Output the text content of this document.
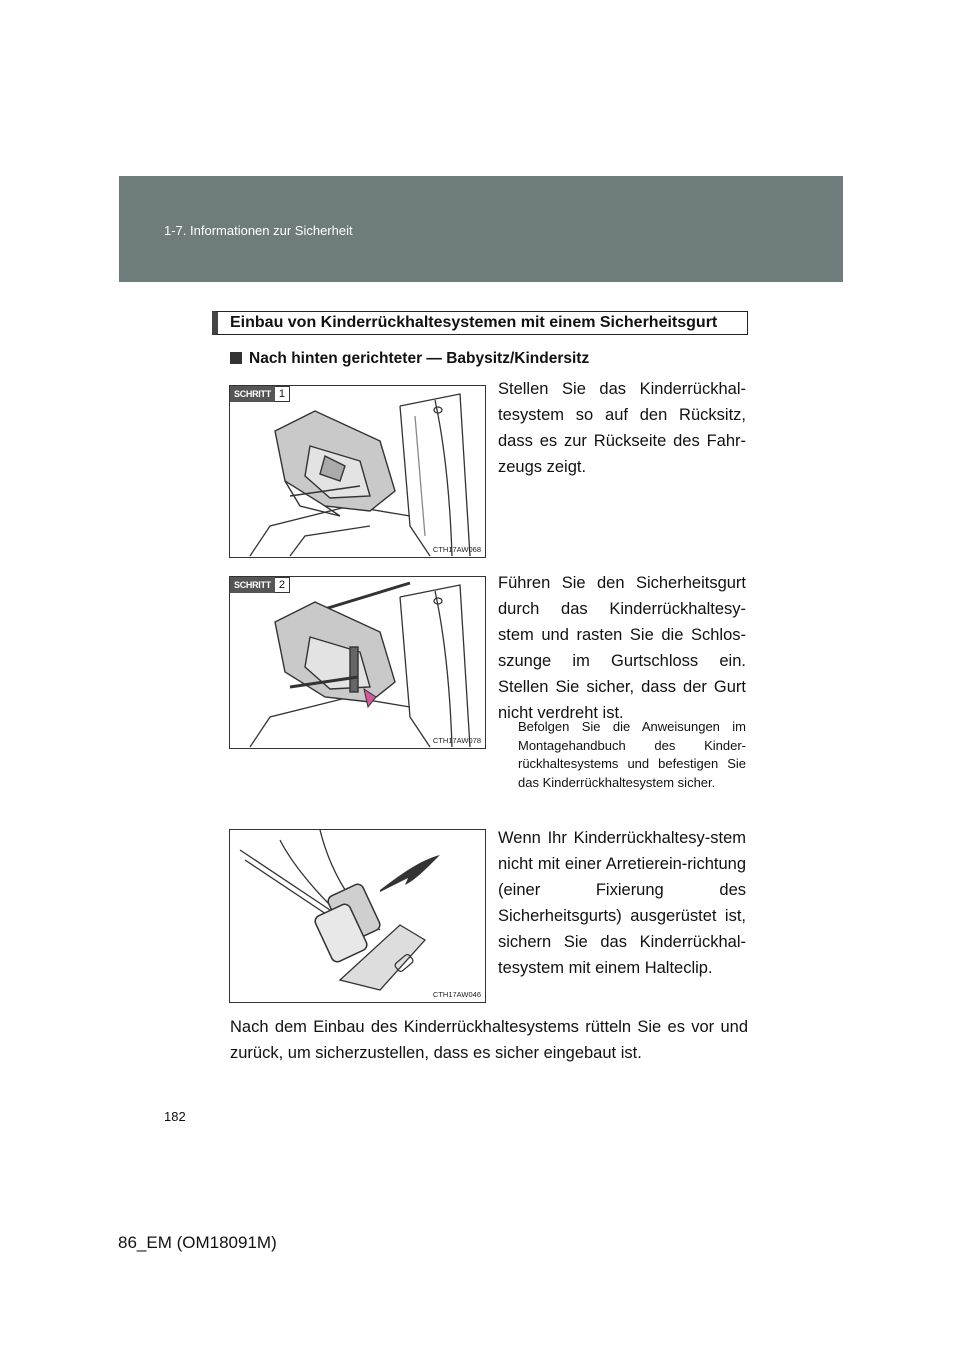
1-7. Informationen zur Sicherheit
Einbau von Kinderrückhaltesystemen mit einem Sicherheitsgurt
Nach hinten gerichteter — Babysitz/Kindersitz
SCHRITT 1
CTH17AW068
Stellen Sie das Kinderrückhal-tesystem so auf den Rücksitz, dass es zur Rückseite des Fahr-zeugs zeigt.
SCHRITT 2
CTH17AW078
Führen Sie den Sicherheitsgurt durch das Kinderrückhaltesy-stem und rasten Sie die Schlos-szunge im Gurtschloss ein. Stellen Sie sicher, dass der Gurt nicht verdreht ist.
Befolgen Sie die Anweisungen im Montagehandbuch des Kinder-rückhaltesystems und befestigen Sie das Kinderrückhaltesystem sicher.
CTH17AW046
Wenn Ihr Kinderrückhaltesy-stem nicht mit einer Arretierein-richtung (einer Fixierung des Sicherheitsgurts) ausgerüstet ist, sichern Sie das Kinderrückhal-tesystem mit einem Halteclip.
Nach dem Einbau des Kinderrückhaltesystems rütteln Sie es vor und zurück, um sicherzustellen, dass es sicher eingebaut ist.
182
86_EM (OM18091M)
